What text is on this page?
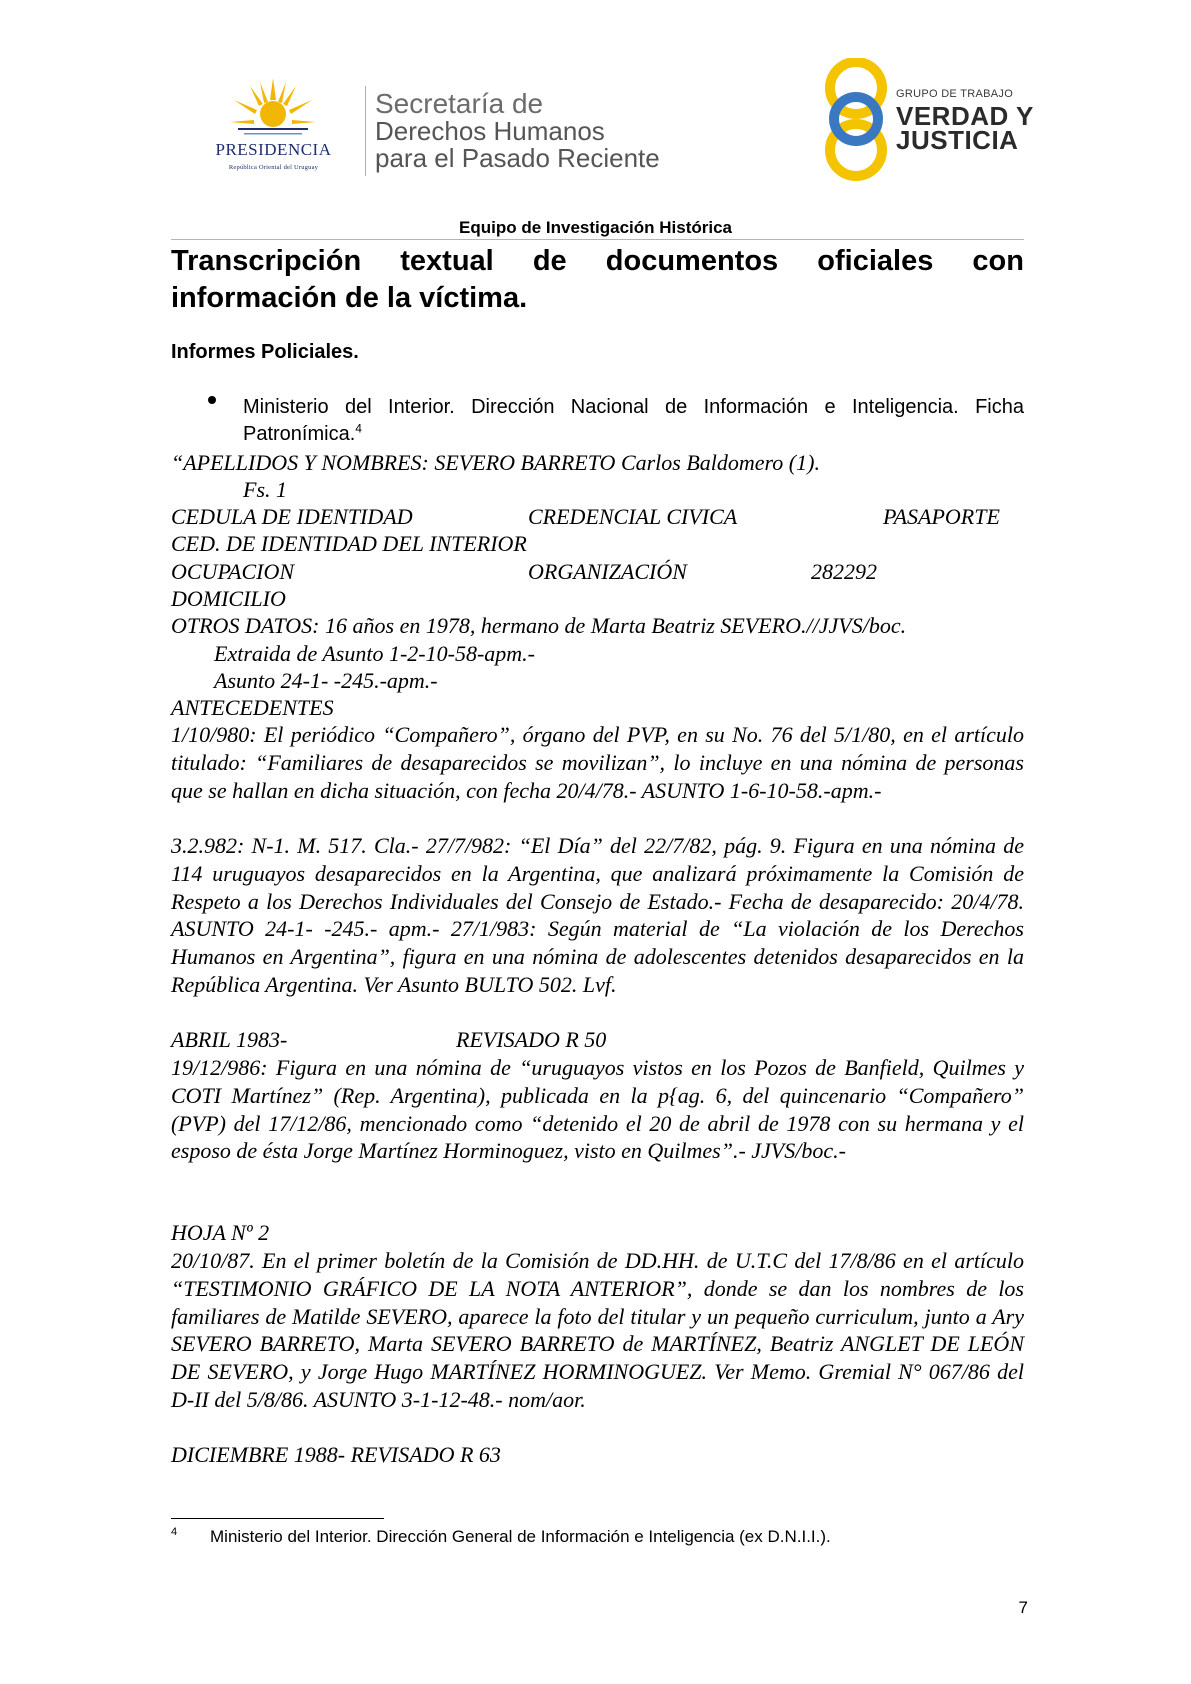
PRESIDENCIA
República Oriental del Uruguay
Secretaría de
Derechos Humanos
para el Pasado Reciente
GRUPO DE TRABAJO
VERDAD Y
JUSTICIA
Equipo de Investigación Histórica
Transcripción textual de documentos oficiales con información de la víctima.
Informes Policiales.
Ministerio del Interior. Dirección Nacional de Información e Inteligencia. Ficha Patronímica.$^4$
“APELLIDOS Y NOMBRES: SEVERO BARRETO Carlos Baldomero (1).
Fs. 1
CEDULA DE IDENTIDAD	CREDENCIAL CIVICA	PASAPORTE
CED. DE IDENTIDAD DEL INTERIOR
OCUPACION	ORGANIZACIÓN	282292
DOMICILIO
OTROS DATOS: 16 años en 1978, hermano de Marta Beatriz SEVERO.//JJVS/boc.
Extraida de Asunto 1-2-10-58-apm.-
Asunto 24-1- -245.-apm.-
ANTECEDENTES

1/10/980: El periódico “Compañero”, órgano del PVP, en su No. 76 del 5/1/80, en el artículo titulado: “Familiares de desaparecidos se movilizan”, lo incluye en una nómina de personas que se hallan en dicha situación, con fecha 20/4/78.- ASUNTO 1-6-10-58.-apm.-

3.2.982: N-1. M. 517. Cla.- 27/7/982: “El Día” del 22/7/82, pág. 9. Figura en una nómina de 114 uruguayos desaparecidos en la Argentina, que analizará próximamente la Comisión de Respeto a los Derechos Individuales del Consejo de Estado.- Fecha de desaparecido: 20/4/78. ASUNTO 24-1- -245.- apm.- 27/1/983: Según material de “La violación de los Derechos Humanos en Argentina”, figura en una nómina de adolescentes detenidos desaparecidos en la República Argentina. Ver Asunto BULTO 502. Lvf.

ABRIL 1983-	REVISADO R 50

19/12/986: Figura en una nómina de “uruguayos vistos en los Pozos de Banfield, Quilmes y COTI Martínez” (Rep. Argentina), publicada en la p{ag. 6, del quincenario “Compañero” (PVP) del 17/12/86, mencionado como “detenido el 20 de abril de 1978 con su hermana y el esposo de ésta Jorge Martínez Horminoguez, visto en Quilmes”.- JJVS/boc.-

HOJA Nº 2

20/10/87. En el primer boletín de la Comisión de DD.HH. de U.T.C del 17/8/86 en el artículo “TESTIMONIO GRÁFICO DE LA NOTA ANTERIOR”, donde se dan los nombres de los familiares de Matilde SEVERO, aparece la foto del titular y un pequeño curriculum, junto a Ary SEVERO BARRETO, Marta SEVERO BARRETO de MARTÍNEZ, Beatriz ANGLET DE LEÓN DE SEVERO, y Jorge Hugo MARTÍNEZ HORMINOGUEZ. Ver Memo. Gremial N° 067/86 del D-II del 5/8/86. ASUNTO 3-1-12-48.- nom/aor.

DICIEMBRE 1988- REVISADO R 63
4 Ministerio del Interior. Dirección General de Información e Inteligencia (ex D.N.I.I.).
7
